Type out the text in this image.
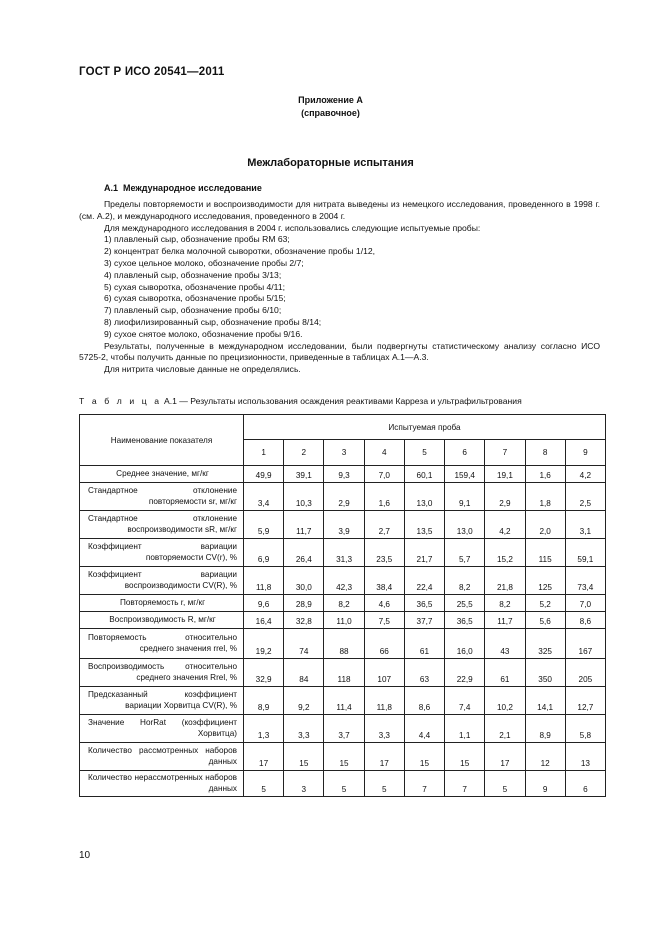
ГОСТ Р ИСО 20541—2011
Приложение А
(справочное)
Межлабораторные испытания
А.1 Международное исследование

Пределы повторяемости и воспроизводимости для нитрата выведены из немецкого исследования, проведенного в 1998 г. (см. А.2), и международного исследования, проведенного в 2004 г.

Для международного исследования в 2004 г. использовались следующие испытуемые пробы:

1) плавленый сыр, обозначение пробы RM 63;

2) концентрат белка молочной сыворотки, обозначение пробы 1/12,

3) сухое цельное молоко, обозначение пробы 2/7;

4) плавленый сыр, обозначение пробы 3/13;

5) сухая сыворотка, обозначение пробы 4/11;

6) сухая сыворотка, обозначение пробы 5/15;

7) плавленый сыр, обозначение пробы 6/10;

8) лиофилизированный сыр, обозначение пробы 8/14;

9) сухое снятое молоко, обозначение пробы 9/16.

Результаты, полученные в международном исследовании, были подвергнуты статистическому анализу согласно ИСО 5725-2, чтобы получить данные по прецизионности, приведенные в таблицах А.1—А.3.

Для нитрита числовые данные не определялись.

Т а б л и ц а А.1 — Результаты использования осаждения реактивами Карреза и ультрафильтрования
Наименование показателя	Испытуемая проба								
	1	2	3	4	5	6	7	8	9
Среднее значение, мг/кг	49,9	39,1	9,3	7,0	60,1	159,4	19,1	1,6	4,2
Стандартное отклонение повторяемости sr, мг/кг	3,4	10,3	2,9	1,6	13,0	9,1	2,9	1,8	2,5
Стандартное отклонение воспроизводимости sR, мг/кг	5,9	11,7	3,9	2,7	13,5	13,0	4,2	2,0	3,1
Коэффициент вариации повторяемости CV(r), %	6,9	26,4	31,3	23,5	21,7	5,7	15,2	115	59,1
Коэффициент вариации воспроизводимости CV(R), %	11,8	30,0	42,3	38,4	22,4	8,2	21,8	125	73,4
Повторяемость r, мг/кг	9,6	28,9	8,2	4,6	36,5	25,5	8,2	5,2	7,0
Воспроизводимость R, мг/кг	16,4	32,8	11,0	7,5	37,7	36,5	11,7	5,6	8,6
Повторяемость относительно среднего значения rrel, %	19,2	74	88	66	61	16,0	43	325	167
Воспроизводимость относительно среднего значения Rrel, %	32,9	84	118	107	63	22,9	61	350	205
Предсказанный коэффициент вариации Хорвитца CV(R), %	8,9	9,2	11,4	11,8	8,6	7,4	10,2	14,1	12,7
Значение HorRat (коэффициент Хорвитца)	1,3	3,3	3,7	3,3	4,4	1,1	2,1	8,9	5,8
Количество рассмотренных наборов данных	17	15	15	17	15	15	17	12	13
Количество нерассмотренных наборов данных	5	3	5	5	7	7	5	9	6
10
